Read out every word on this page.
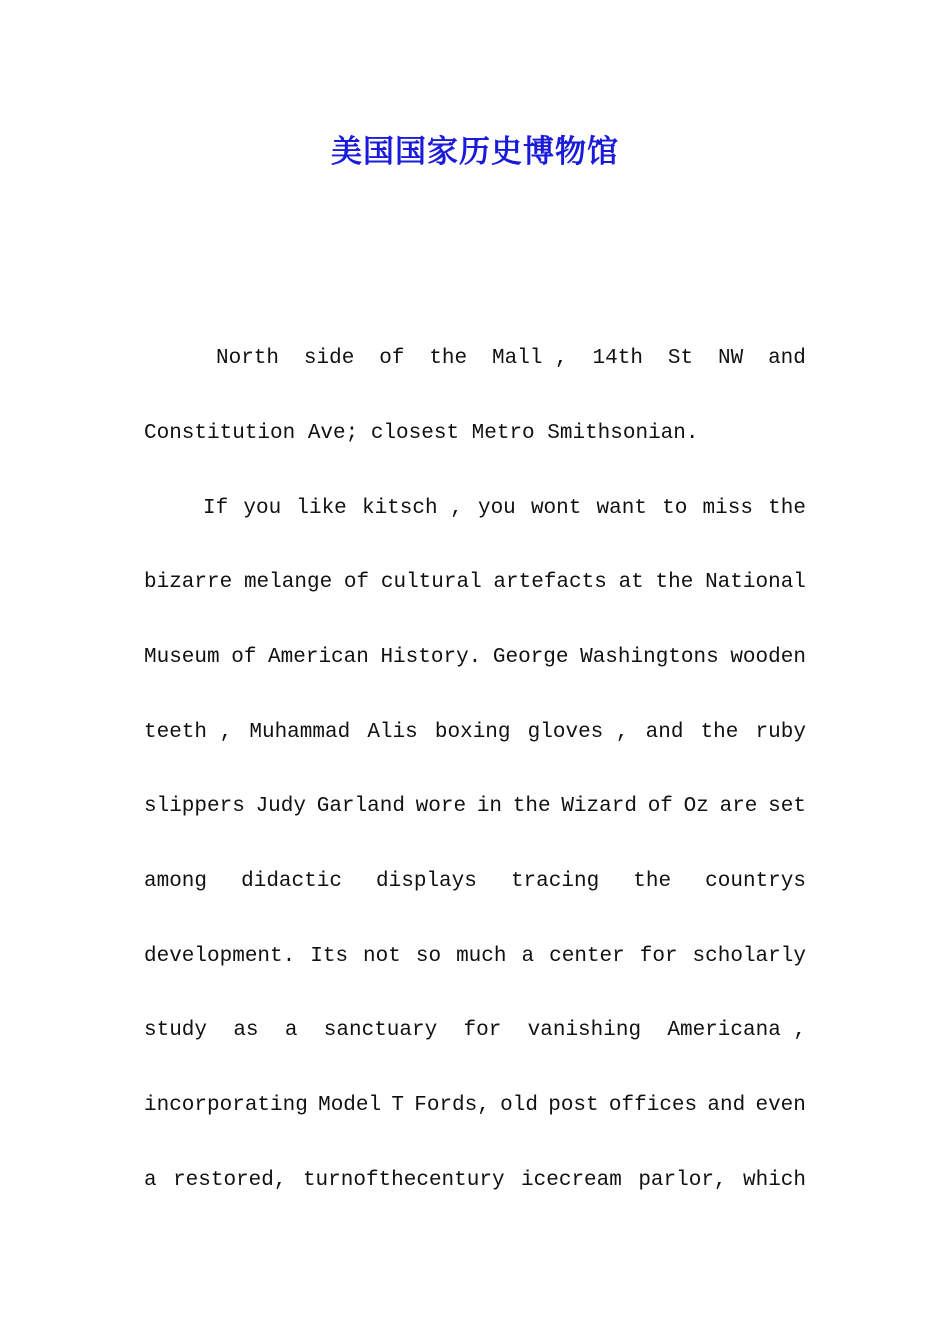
美国国家历史博物馆
North side of the Mall , 14th St NW and
Constitution Ave; closest Metro Smithsonian.
If you like kitsch , you wont want to miss the
bizarre melange of cultural artefacts at the National
Museum of American History. George Washingtons wooden
teeth , Muhammad Alis boxing gloves , and the ruby
slippers Judy Garland wore in the Wizard of Oz are set
among didactic displays tracing the countrys
development. Its not so much a center for scholarly
study as a sanctuary for vanishing Americana ,
incorporating Model T Fords, old post offices and even
a restored, turnofthecentury icecream parlor, which
